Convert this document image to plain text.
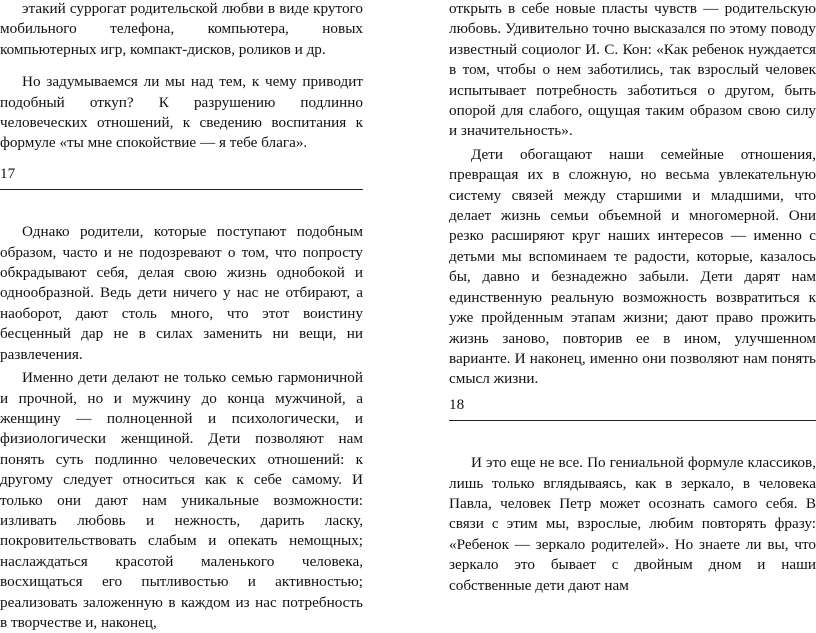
этакий суррогат родительской любви в виде крутого мобильного телефона, компьютера, новых компьютерных игр, компакт-дисков, роликов и др.

Но задумываемся ли мы над тем, к чему приводит подобный откуп? К разрушению подлинно человеческих отношений, к сведению воспитания к формуле «ты мне спокойствие — я тебе блага».

17

Однако родители, которые поступают подобным образом, часто и не подозревают о том, что попросту обкрадывают себя, делая свою жизнь однобокой и однообразной. Ведь дети ничего у нас не отбирают, а наоборот, дают столь много, что этот воистину бесценный дар не в силах заменить ни вещи, ни развлечения.

Именно дети делают не только семью гармоничной и прочной, но и мужчину до конца мужчиной, а женщину — полноценной и психологически, и физиологически женщиной. Дети позволяют нам понять суть подлинно человеческих отношений: к другому следует относиться как к себе самому. И только они дают нам уникальные возможности: изливать любовь и нежность, дарить ласку, покровительствовать слабым и опекать немощных; наслаждаться красотой маленького человека, восхищаться его пытливостью и активностью; реализовать заложенную в каждом из нас потребность в творчестве и, наконец,

открыть в себе новые пласты чувств — родительскую любовь. Удивительно точно высказался по этому поводу известный социолог И. С. Кон: «Как ребенок нуждается в том, чтобы о нем заботились, так взрослый человек испытывает потребность заботиться о другом, быть опорой для слабого, ощущая таким образом свою силу и значительность».

Дети обогащают наши семейные отношения, превращая их в сложную, но весьма увлекательную систему связей между старшими и младшими, что делает жизнь семьи объемной и многомерной. Они резко расширяют круг наших интересов — именно с детьми мы вспоминаем те радости, которые, казалось бы, давно и безнадежно забыли. Дети дарят нам единственную реальную возможность возвратиться к уже пройденным этапам жизни; дают право прожить жизнь заново, повторив ее в ином, улучшенном варианте. И наконец, именно они позволяют нам понять смысл жизни.

18

И это еще не все. По гениальной формуле классиков, лишь только вглядываясь, как в зеркало, в человека Павла, человек Петр может осознать самого себя. В связи с этим мы, взрослые, любим повторять фразу: «Ребенок — зеркало родителей». Но знаете ли вы, что зеркало это бывает с двойным дном и наши собственные дети дают нам
